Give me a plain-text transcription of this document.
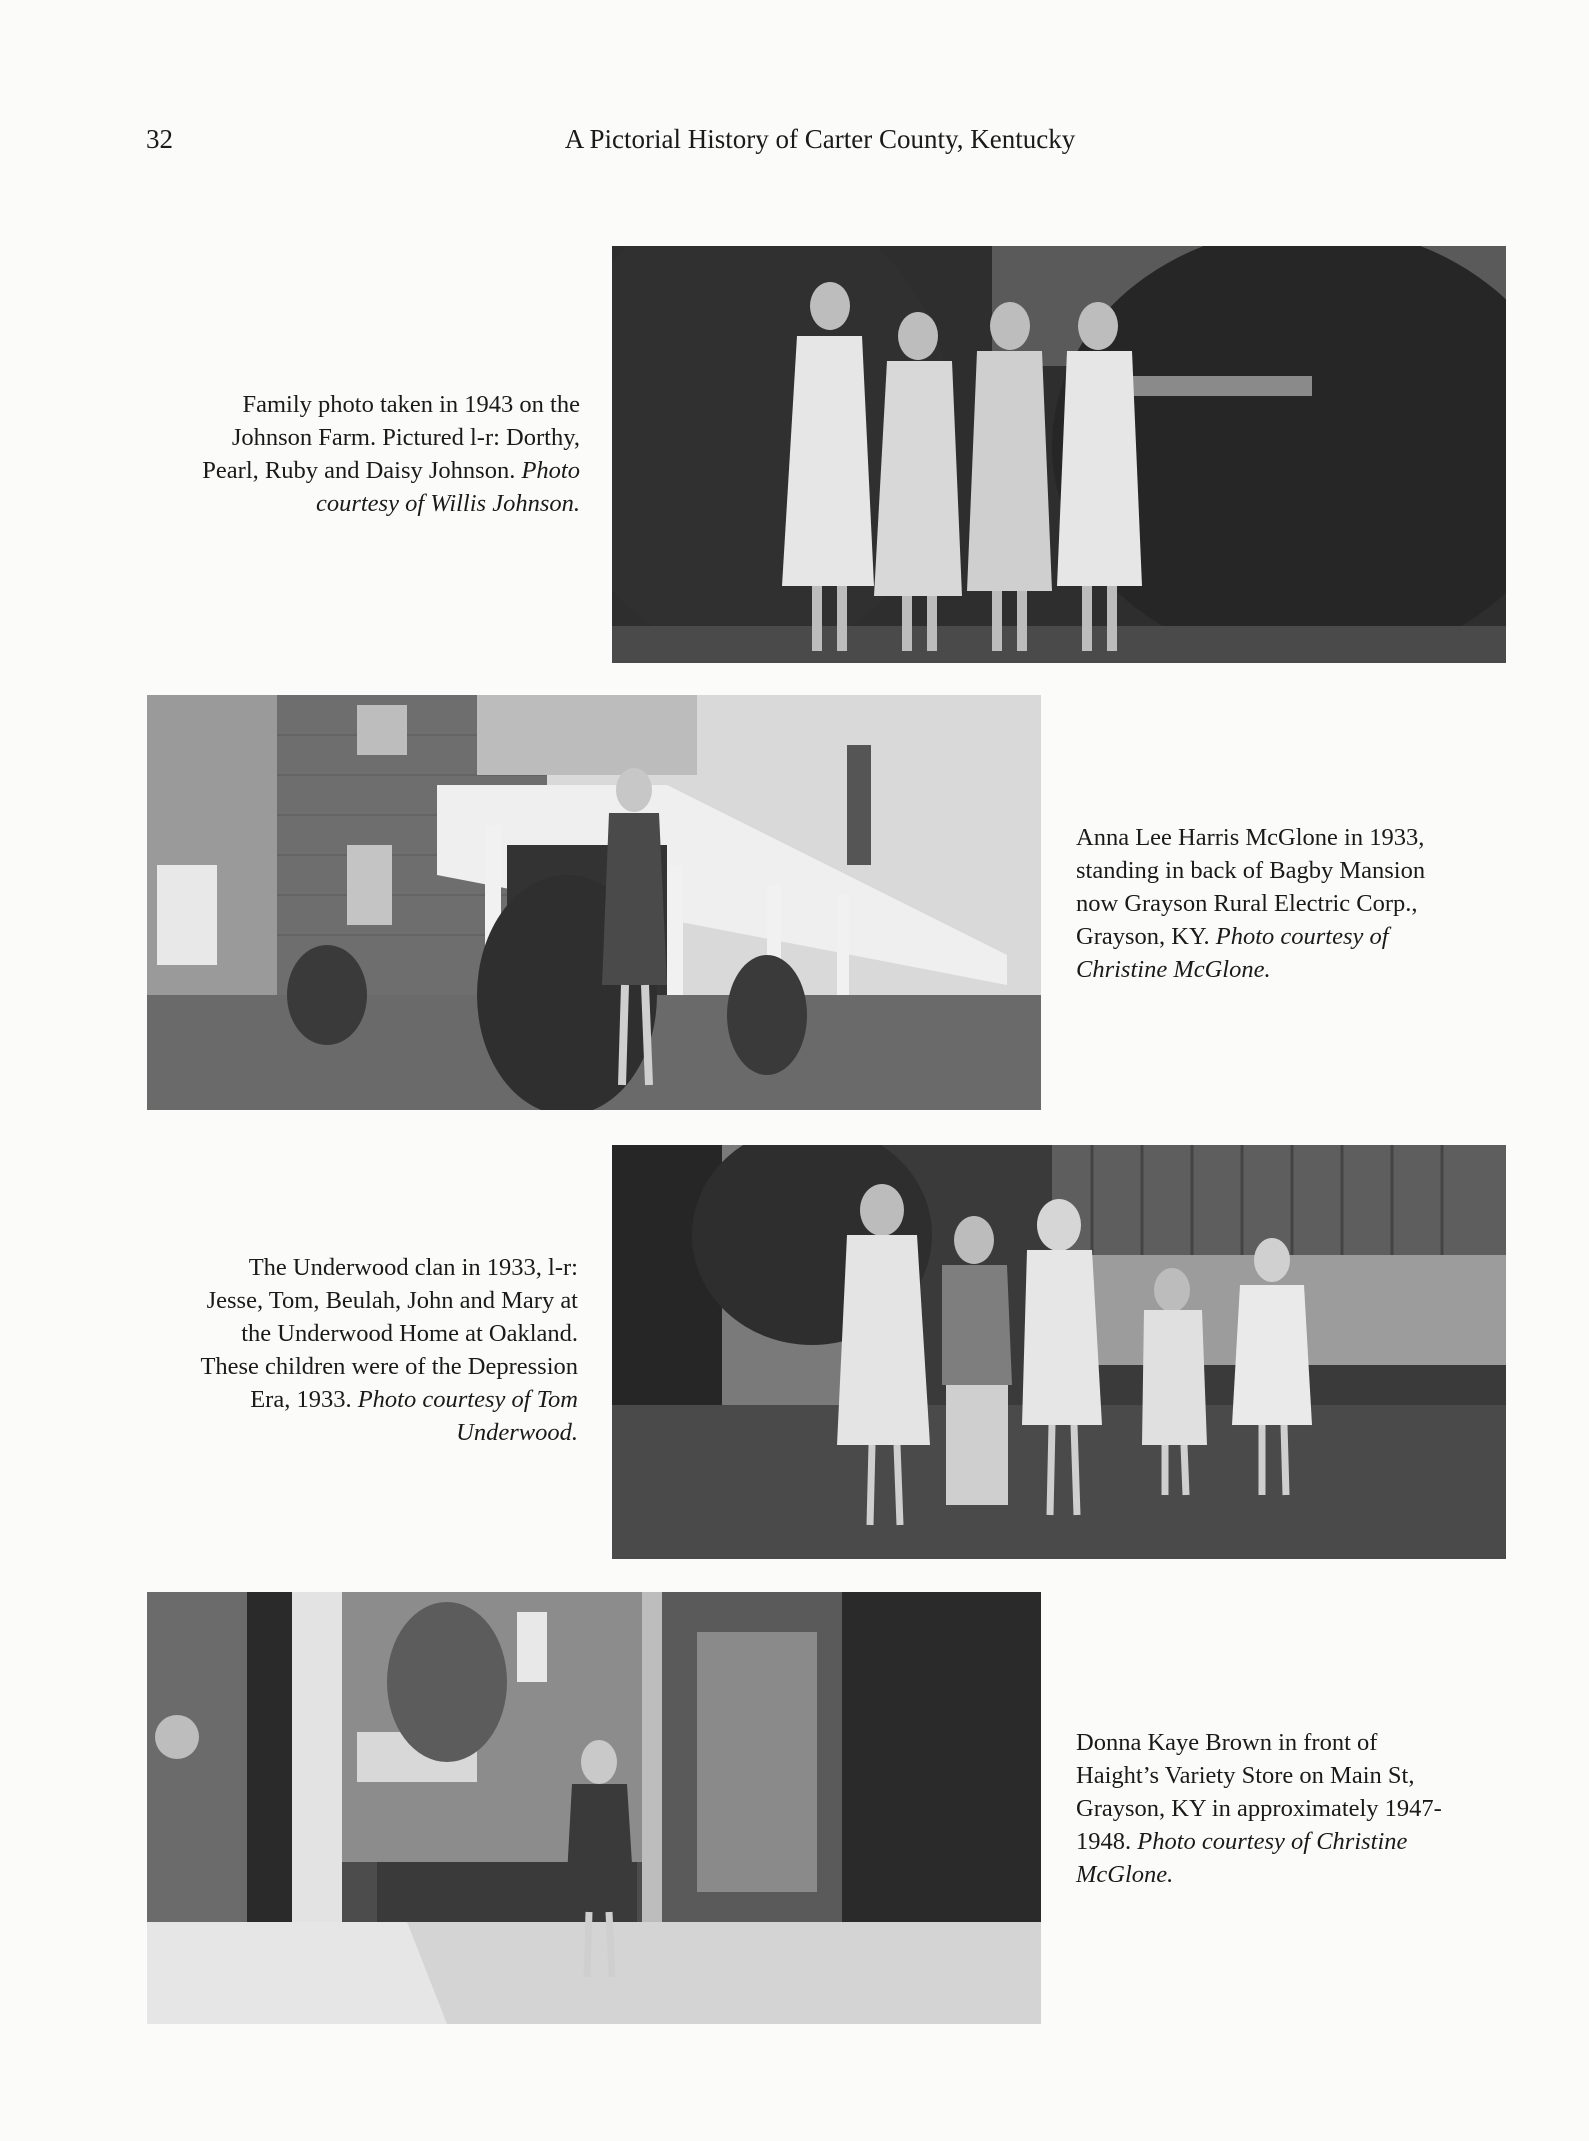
32	A Pictorial History of Carter County, Kentucky
Family photo taken in 1943 on the
Johnson Farm. Pictured l-r: Dorthy,
Pearl, Ruby and Daisy Johnson. Photo
courtesy of Willis Johnson.
Anna Lee Harris McGlone in 1933,
standing in back of Bagby Mansion
now Grayson Rural Electric Corp.,
Grayson, KY. Photo courtesy of
Christine McGlone.
The Underwood clan in 1933, l-r:
Jesse, Tom, Beulah, John and Mary at
the Underwood Home at Oakland.
These children were of the Depression
Era, 1933. Photo courtesy of Tom
Underwood.
Donna Kaye Brown in front of
Haight’s Variety Store on Main St,
Grayson, KY in approximately 1947-
1948. Photo courtesy of Christine
McGlone.
